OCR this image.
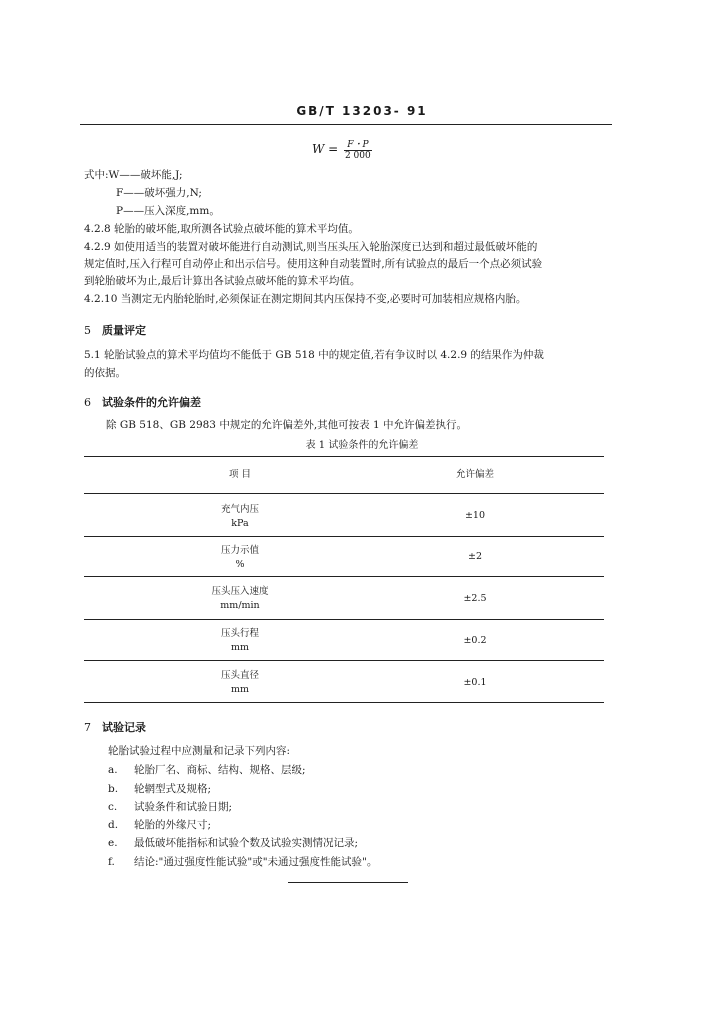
GB/T 13203- 91
$W = \frac{F・P}{2 000}$
式中:W——破坏能,J;
F——破坏强力,N;
P——压入深度,mm。
4.2.8 轮胎的破坏能,取所测各试验点破坏能的算术平均值。
4.2.9 如使用适当的装置对破坏能进行自动测试,则当压头压入轮胎深度已达到和超过最低破坏能的
规定值时,压入行程可自动停止和出示信号。使用这种自动装置时,所有试验点的最后一个点必须试验
到轮胎破坏为止,最后计算出各试验点破坏能的算术平均值。
4.2.10 当测定无内胎轮胎时,必须保证在测定期间其内压保持不变,必要时可加装相应规格内胎。
5 质量评定
5.1 轮胎试验点的算术平均值均不能低于 GB 518 中的规定值,若有争议时以 4.2.9 的结果作为仲裁
的依据。
6 试验条件的允许偏差
除 GB 518、GB 2983 中规定的允许偏差外,其他可按表 1 中允许偏差执行。
表 1 试验条件的允许偏差
项 目	允许偏差
充气内压
kPa
±10
压力示值
%
±2
压头压入速度
mm/min
±2.5
压头行程
mm
±0.2
压头直径
mm
±0.1
7 试验记录
轮胎试验过程中应测量和记录下列内容:
a. 轮胎厂名、商标、结构、规格、层级;
b. 轮辋型式及规格;
c. 试验条件和试验日期;
d. 轮胎的外缘尺寸;
e. 最低破坏能指标和试验个数及试验实测情况记录;
f. 结论:"通过强度性能试验"或"未通过强度性能试验"。
